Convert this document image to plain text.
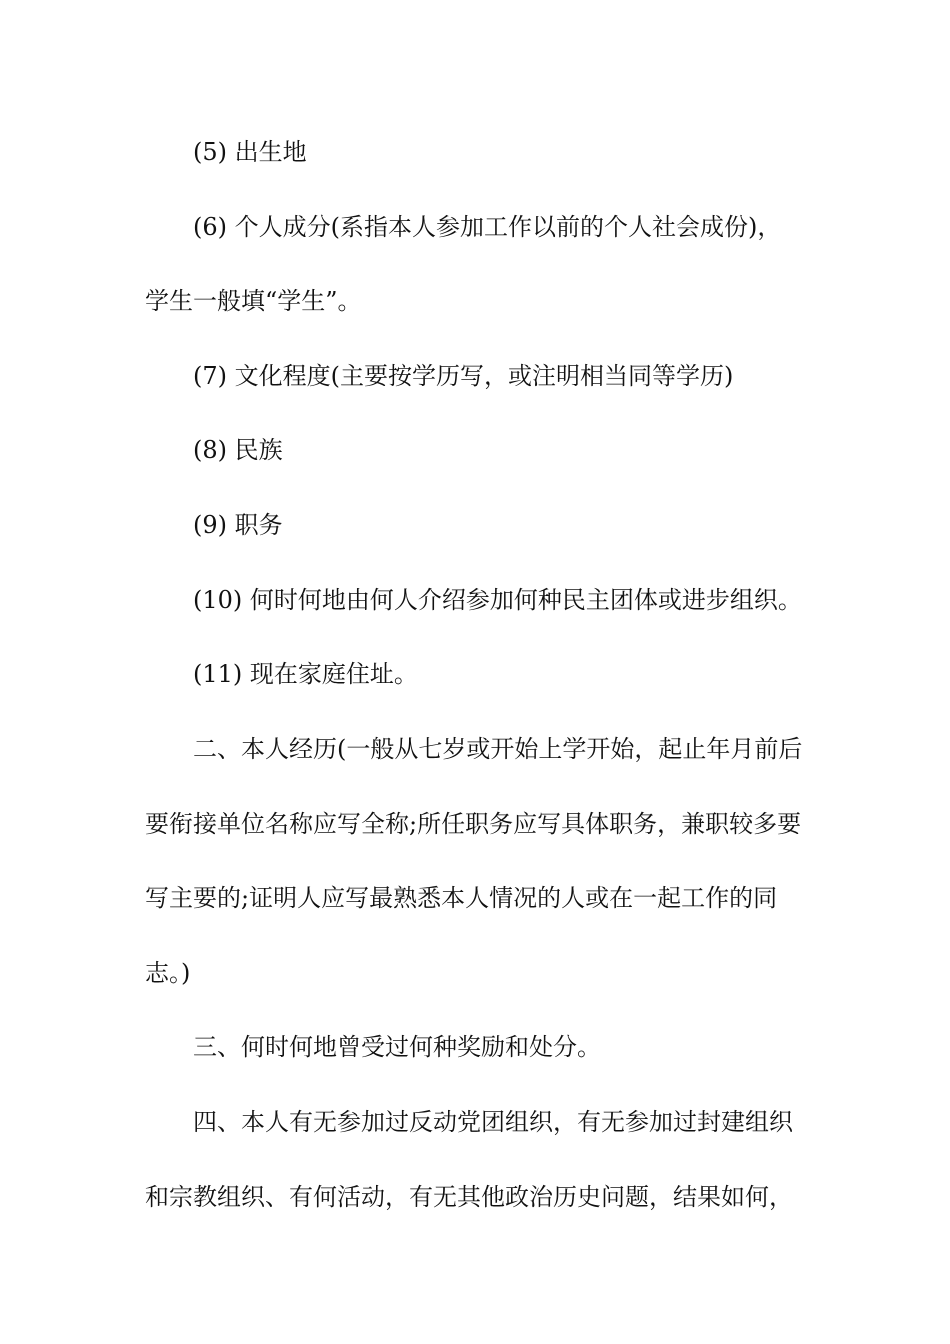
(5) 出生地
(6) 个人成分(系指本人参加工作以前的个人社会成份)，
学生一般填“学生”。
(7) 文化程度(主要按学历写，或注明相当同等学历)
(8) 民族
(9) 职务
(10) 何时何地由何人介绍参加何种民主团体或进步组织。
(11) 现在家庭住址。
二、本人经历(一般从七岁或开始上学开始，起止年月前后
要衔接单位名称应写全称;所任职务应写具体职务，兼职较多要
写主要的;证明人应写最熟悉本人情况的人或在一起工作的同
志。)
三、何时何地曾受过何种奖励和处分。
四、本人有无参加过反动党团组织，有无参加过封建组织
和宗教组织、有何活动，有无其他政治历史问题，结果如何，
